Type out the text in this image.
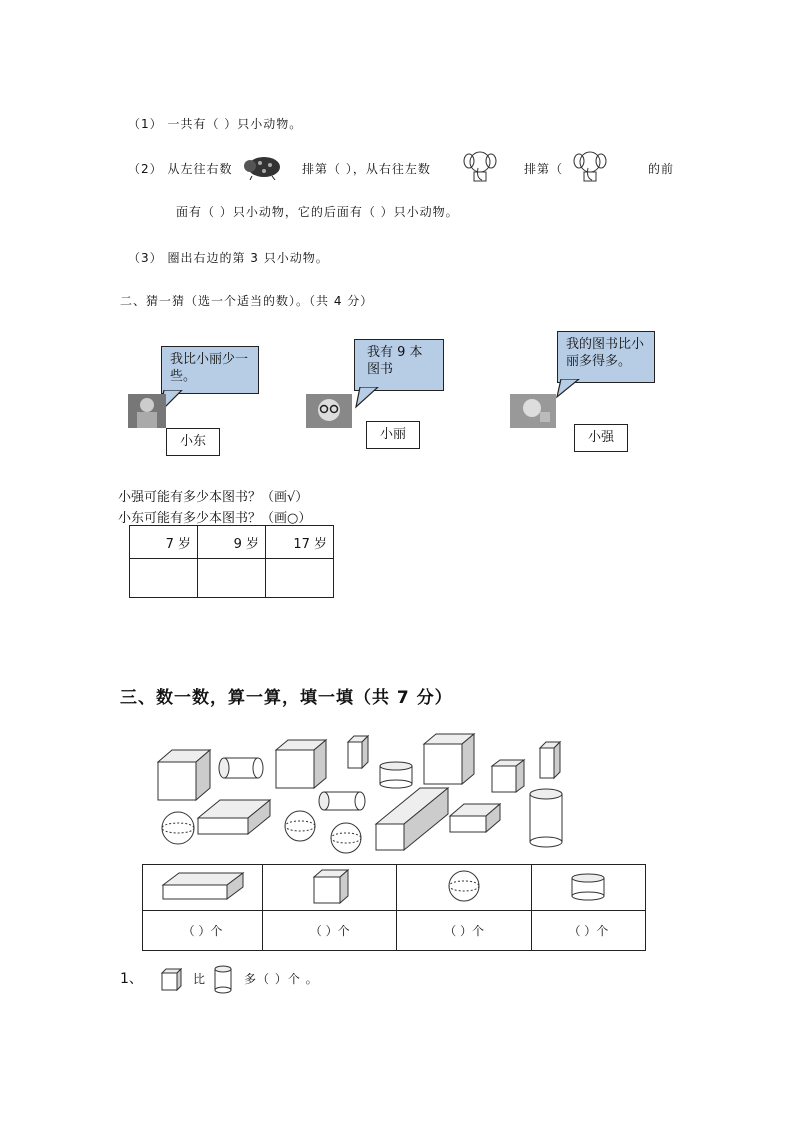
（1） 一共有（ ）只小动物。
（2） 从左往右数	排第（ ），从右往左数	排第（	的前
面有（ ）只小动物，它的后面有（ ）只小动物。
（3） 圈出右边的第 3 只小动物。
二、猜一猜（选一个适当的数）。（共 4 分）
我比小丽少一些。
小东
我有 9 本图书
小丽
我的图书比小丽多得多。
小强
小强可能有多少本图书？（画√）
小东可能有多少本图书？（画○）
7 岁	9 岁	17 岁

三、数一数，算一算，填一填（共 7 分）

（ ）个	（ ）个	（ ）个	（ ）个
1、	比	多（ ）个 。
